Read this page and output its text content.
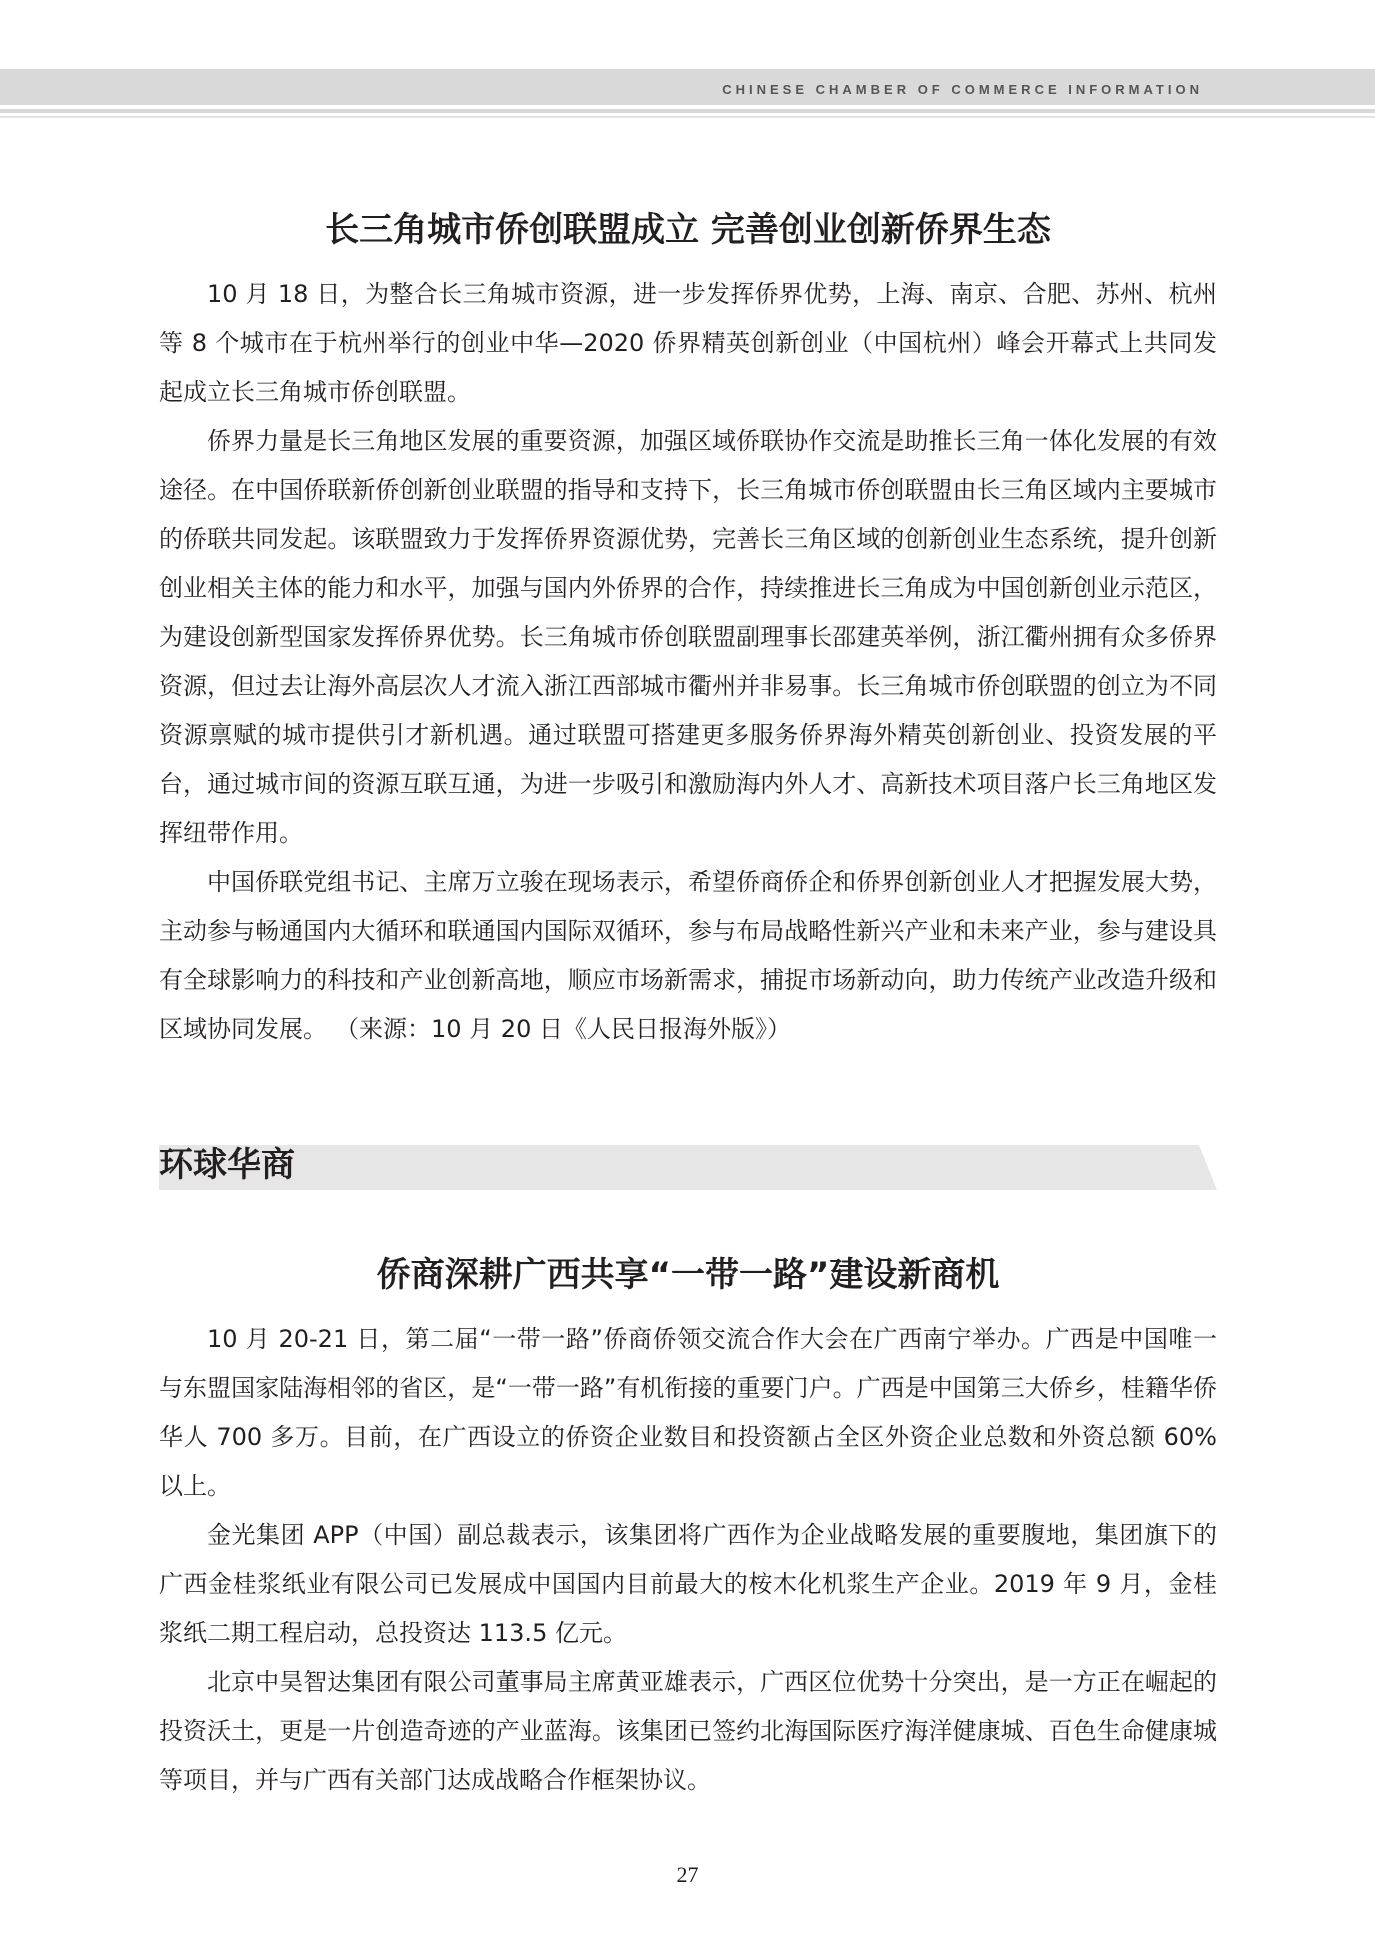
CHINESE CHAMBER OF COMMERCE INFORMATION
长三角城市侨创联盟成立 完善创业创新侨界生态

10 月 18 日，为整合长三角城市资源，进一步发挥侨界优势，上海、南京、合肥、苏州、杭州等 8 个城市在于杭州举行的创业中华—2020 侨界精英创新创业（中国杭州）峰会开幕式上共同发起成立长三角城市侨创联盟。

侨界力量是长三角地区发展的重要资源，加强区域侨联协作交流是助推长三角一体化发展的有效途径。在中国侨联新侨创新创业联盟的指导和支持下，长三角城市侨创联盟由长三角区域内主要城市的侨联共同发起。该联盟致力于发挥侨界资源优势，完善长三角区域的创新创业生态系统，提升创新创业相关主体的能力和水平，加强与国内外侨界的合作，持续推进长三角成为中国创新创业示范区，为建设创新型国家发挥侨界优势。长三角城市侨创联盟副理事长邵建英举例，浙江衢州拥有众多侨界资源，但过去让海外高层次人才流入浙江西部城市衢州并非易事。长三角城市侨创联盟的创立为不同资源禀赋的城市提供引才新机遇。通过联盟可搭建更多服务侨界海外精英创新创业、投资发展的平台，通过城市间的资源互联互通，为进一步吸引和激励海内外人才、高新技术项目落户长三角地区发挥纽带作用。

中国侨联党组书记、主席万立骏在现场表示，希望侨商侨企和侨界创新创业人才把握发展大势，主动参与畅通国内大循环和联通国内国际双循环，参与布局战略性新兴产业和未来产业，参与建设具有全球影响力的科技和产业创新高地，顺应市场新需求，捕捉市场新动向，助力传统产业改造升级和区域协同发展。 （来源：10 月 20 日《人民日报海外版》）

环球华商
侨商深耕广西共享“一带一路”建设新商机

10 月 20-21 日，第二届“一带一路”侨商侨领交流合作大会在广西南宁举办。广西是中国唯一与东盟国家陆海相邻的省区，是“一带一路”有机衔接的重要门户。广西是中国第三大侨乡，桂籍华侨华人 700 多万。目前，在广西设立的侨资企业数目和投资额占全区外资企业总数和外资总额 60% 以上。

金光集团 APP（中国）副总裁表示，该集团将广西作为企业战略发展的重要腹地，集团旗下的广西金桂浆纸业有限公司已发展成中国国内目前最大的桉木化机浆生产企业。2019 年 9 月，金桂浆纸二期工程启动，总投资达 113.5 亿元。

北京中昊智达集团有限公司董事局主席黄亚雄表示，广西区位优势十分突出，是一方正在崛起的投资沃土，更是一片创造奇迹的产业蓝海。该集团已签约北海国际医疗海洋健康城、百色生命健康城等项目，并与广西有关部门达成战略合作框架协议。

27
